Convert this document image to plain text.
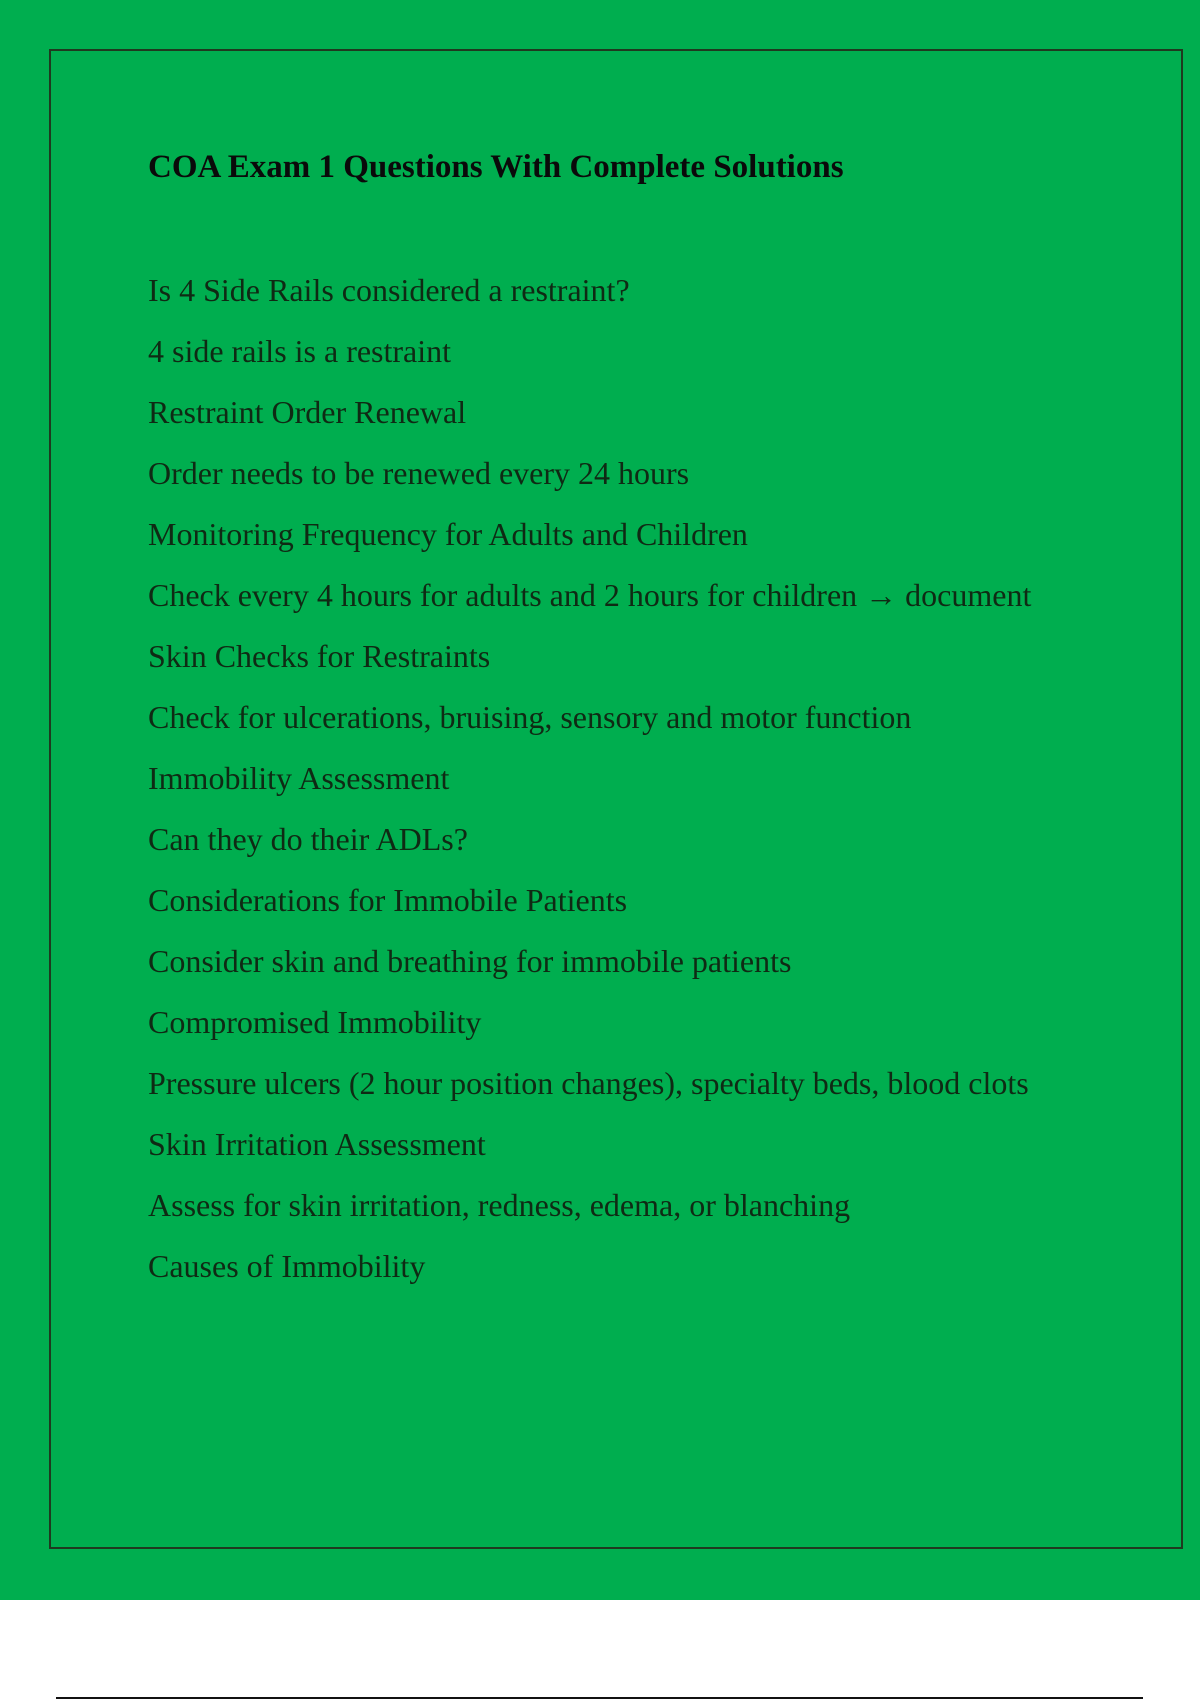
COA Exam 1 Questions With Complete Solutions
Is 4 Side Rails considered a restraint?
4 side rails is a restraint
Restraint Order Renewal
Order needs to be renewed every 24 hours
Monitoring Frequency for Adults and Children
Check every 4 hours for adults and 2 hours for children → document
Skin Checks for Restraints
Check for ulcerations, bruising, sensory and motor function
Immobility Assessment
Can they do their ADLs?
Considerations for Immobile Patients
Consider skin and breathing for immobile patients
Compromised Immobility
Pressure ulcers (2 hour position changes), specialty beds, blood clots
Skin Irritation Assessment
Assess for skin irritation, redness, edema, or blanching
Causes of Immobility
